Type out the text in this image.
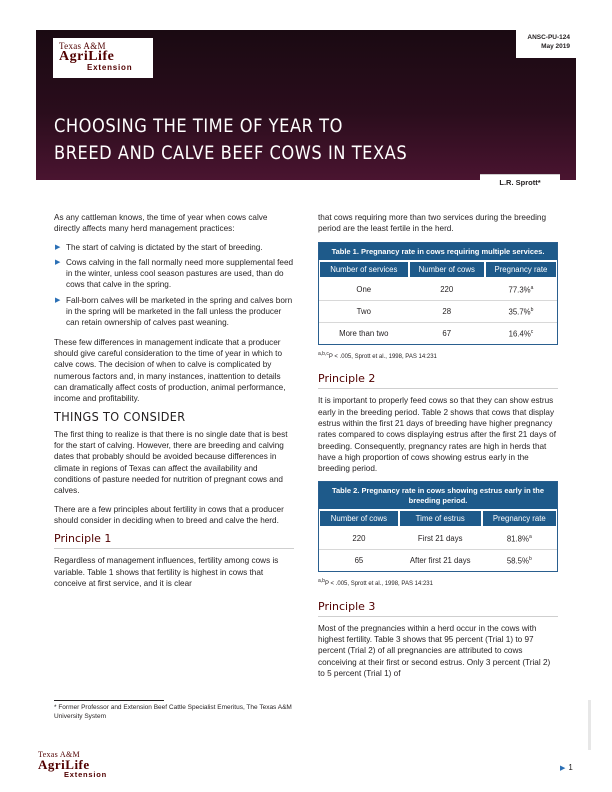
Texas A&M
AgriLife
Extension
ANSC-PU-124
May 2019
CHOOSING THE TIME OF YEAR TO
BREED AND CALVE BEEF COWS IN TEXAS
L.R. Sprott*

As any cattleman knows, the time of year when cows calve directly affects many herd management practices:

▶ The start of calving is dictated by the start of breeding.
▶ Cows calving in the fall normally need more supplemental feed in the winter, unless cool season pastures are used, than do cows that calve in the spring.
▶ Fall-born calves will be marketed in the spring and calves born in the spring will be marketed in the fall unless the producer can retain ownership of calves past weaning.

These few differences in management indicate that a producer should give careful consideration to the time of year in which to calve cows. The decision of when to calve is complicated by numerous factors and, in many instances, inattention to details can dramatically affect costs of production, animal performance, income and profitability.

THINGS TO CONSIDER

The first thing to realize is that there is no single date that is best for the start of calving. However, there are breeding and calving dates that probably should be avoided because differences in climate in regions of Texas can affect the availability and conditions of pasture needed for nutrition of pregnant cows and calves.

There are a few principles about fertility in cows that a producer should consider in deciding when to breed and calve the herd.

Principle 1

Regardless of management influences, fertility among cows is variable. Table 1 shows that fertility is highest in cows that conceive at first service, and it is clear

* Former Professor and Extension Beef Cattle Specialist Emeritus, The Texas A&M University System

that cows requiring more than two services during the breeding period are the least fertile in the herd.

Table 1. Pregnancy rate in cows requiring multiple services.
Number of services	Number of cows	Pregnancy rate

One	220	77.3%$^a$
Two	28	35.7%$^b$
More than two	67	16.4%$^c$
$^{a,b,c}$P < .005, Sprott et al., 1998, PAS 14:231
Principle 2

It is important to properly feed cows so that they can show estrus early in the breeding period. Table 2 shows that cows that display estrus within the first 21 days of breeding have higher pregnancy rates compared to cows displaying estrus after the first 21 days of breeding. Consequently, pregnancy rates are high in herds that have a high proportion of cows showing estrus early in the breeding period.

Table 2. Pregnancy rate in cows showing estrus early in the breeding period.
Number of cows	Time of estrus	Pregnancy rate

220	First 21 days	81.8%$^a$
65	After first 21 days	58.5%$^b$
$^{a,b}$P < .005, Sprott et al., 1998, PAS 14:231
Principle 3

Most of the pregnancies within a herd occur in the cows with highest fertility. Table 3 shows that 95 percent (Trial 1) to 97 percent (Trial 2) of all pregnancies are attributed to cows conceiving at their first or second estrus. Only 3 percent (Trial 2) to 5 percent (Trial 1) of

Texas A&M
AgriLife
Extension
▶ 1
